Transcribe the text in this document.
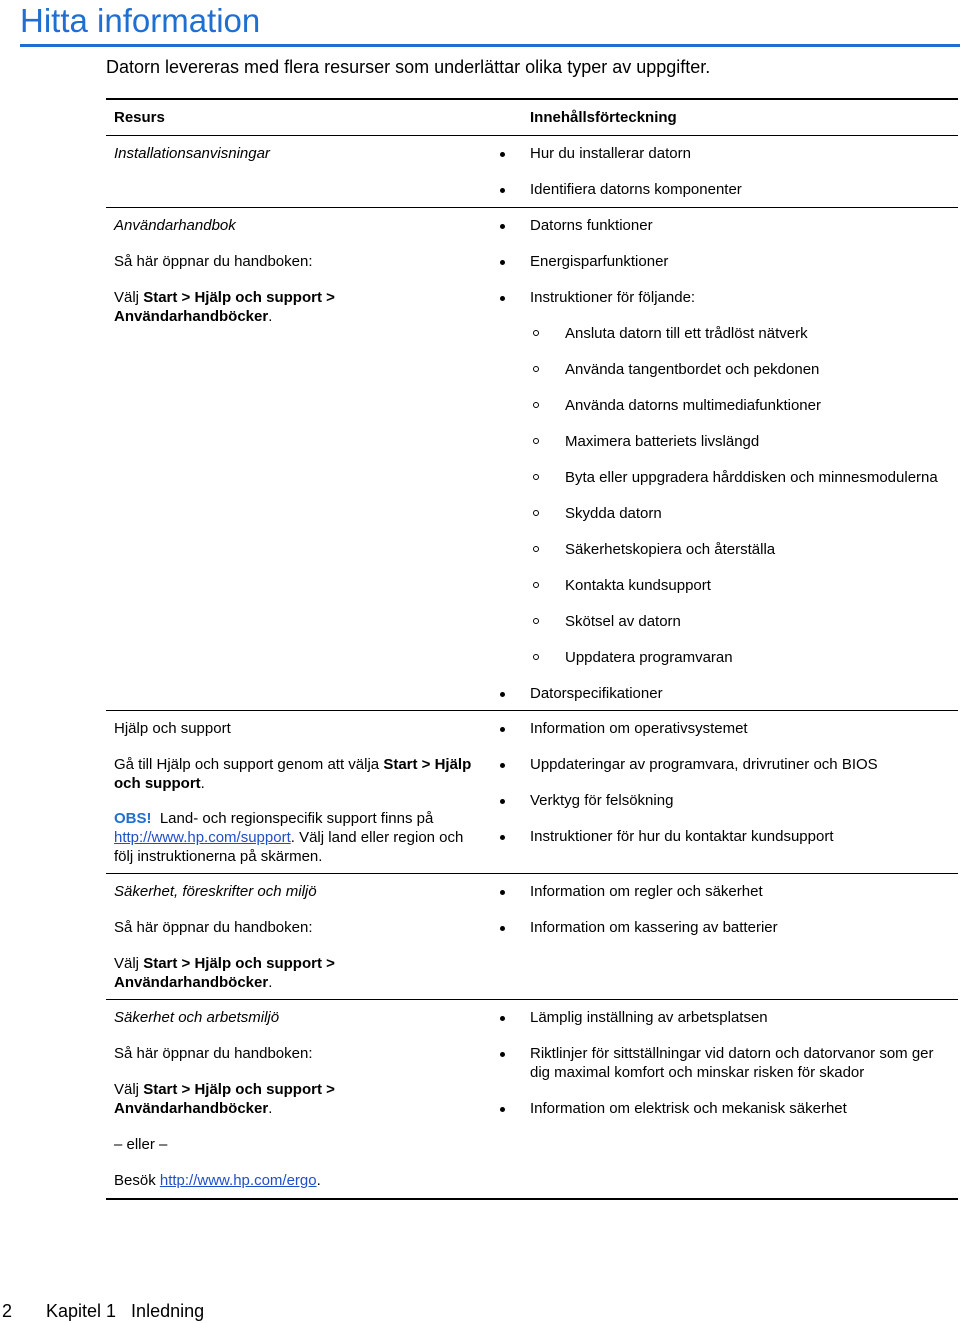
Hitta information
Datorn levereras med flera resurser som underlättar olika typer av uppgifter.
Resurs	Innehållsförteckning
Installationsanvisningar	Hur du installerar datorn
Identifiera datorns komponenter
Användarhandbok
Så här öppnar du handboken:
Välj Start > Hjälp och support >
Användarhandböcker.
Datorns funktioner
Energisparfunktioner
Instruktioner för följande:
Ansluta datorn till ett trådlöst nätverk
Använda tangentbordet och pekdonen
Använda datorns multimediafunktioner
Maximera batteriets livslängd
Byta eller uppgradera hårddisken och minnesmodulerna
Skydda datorn
Säkerhetskopiera och återställa
Kontakta kundsupport
Skötsel av datorn
Uppdatera programvaran
Datorspecifikationer
Hjälp och support
Gå till Hjälp och support genom att välja Start > Hjälp
och support.
OBS! Land- och regionspecifik support finns på
http://www.hp.com/support. Välj land eller region och
följ instruktionerna på skärmen.
Information om operativsystemet
Uppdateringar av programvara, drivrutiner och BIOS
Verktyg för felsökning
Instruktioner för hur du kontaktar kundsupport
Säkerhet, föreskrifter och miljö
Så här öppnar du handboken:
Välj Start > Hjälp och support >
Användarhandböcker.
Information om regler och säkerhet
Information om kassering av batterier
Säkerhet och arbetsmiljö
Så här öppnar du handboken:
Välj Start > Hjälp och support >
Användarhandböcker.
– eller –
Besök http://www.hp.com/ergo.
Lämplig inställning av arbetsplatsen
Riktlinjer för sittställningar vid datorn och datorvanor som ger
dig maximal komfort och minskar risken för skador
Information om elektrisk och mekanisk säkerhet
2 Kapitel 1   Inledning
